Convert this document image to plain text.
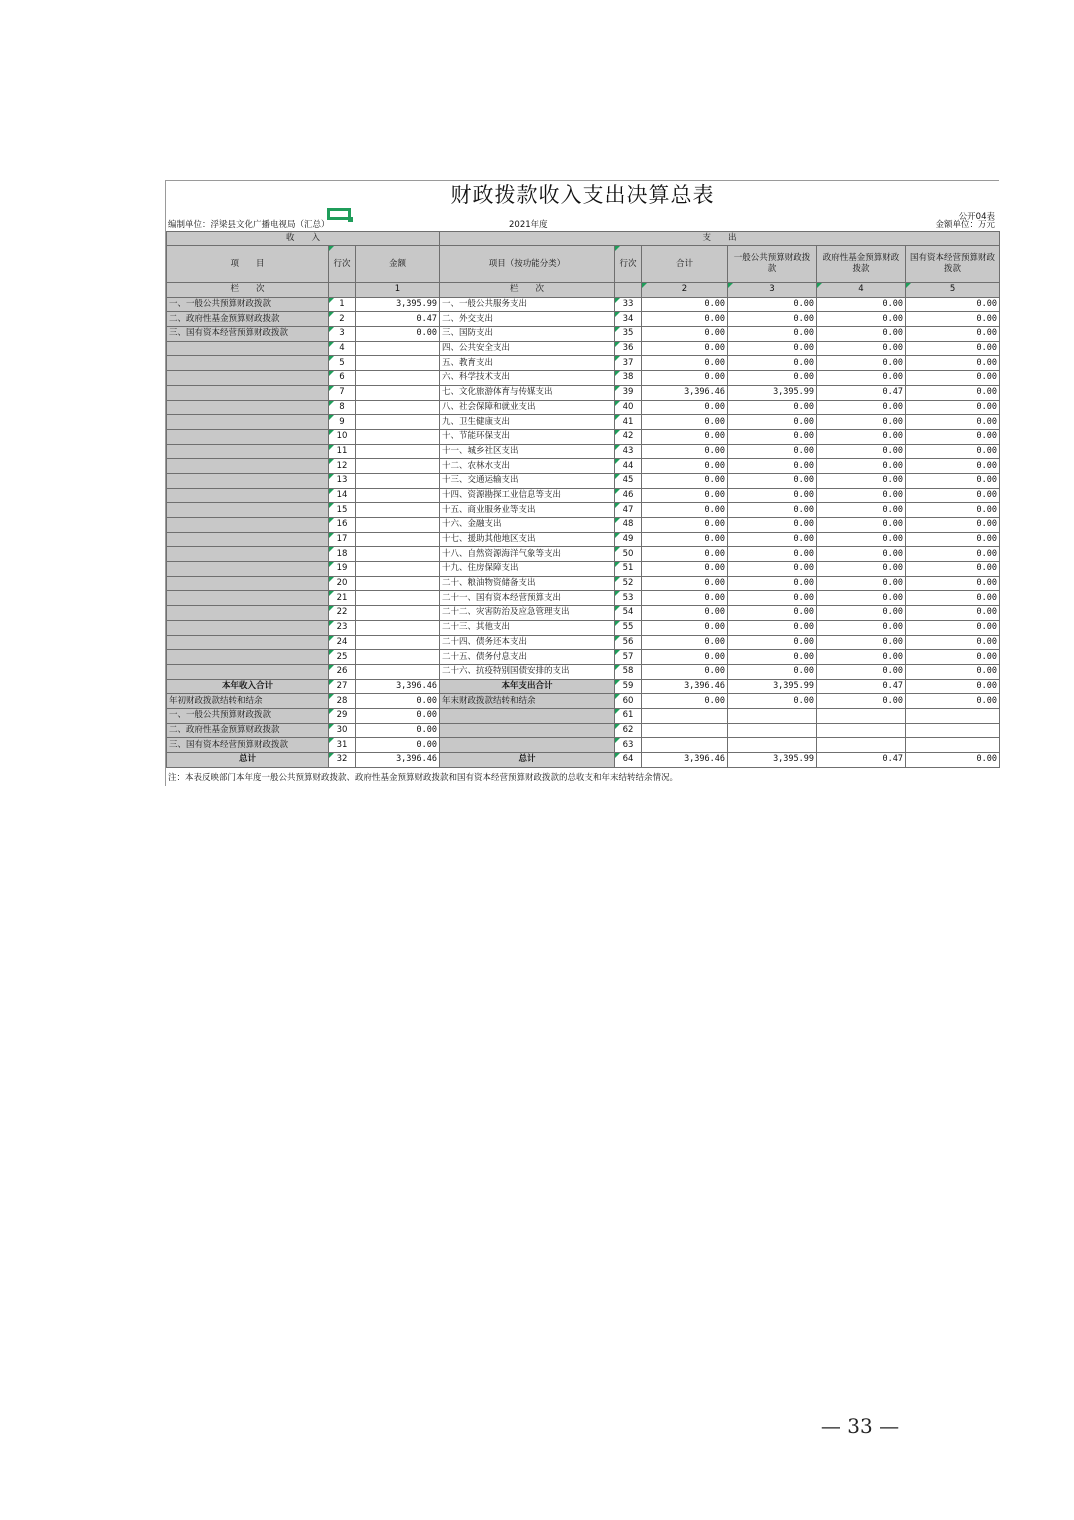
财政拨款收入支出决算总表
编制单位：浮梁县文化广播电视局（汇总）	2021年度
公开04表
金额单位：万元
收　　入			支　　出					
项　　目	行次	金额	项目（按功能分类）	行次	合计	一般公共预算财政拨款	政府性基金预算财政拨款	国有资本经营预算财政拨款
栏　　次		1	栏　　次		2	3	4	5
一、一般公共预算财政拨款	1	3,395.99	一、一般公共服务支出	33	0.00	0.00	0.00	0.00
二、政府性基金预算财政拨款	2	0.47	二、外交支出	34	0.00	0.00	0.00	0.00
三、国有资本经营预算财政拨款	3	0.00	三、国防支出	35	0.00	0.00	0.00	0.00
	4		四、公共安全支出	36	0.00	0.00	0.00	0.00
	5		五、教育支出	37	0.00	0.00	0.00	0.00
	6		六、科学技术支出	38	0.00	0.00	0.00	0.00
	7		七、文化旅游体育与传媒支出	39	3,396.46	3,395.99	0.47	0.00
	8		八、社会保障和就业支出	40	0.00	0.00	0.00	0.00
	9		九、卫生健康支出	41	0.00	0.00	0.00	0.00
	10		十、节能环保支出	42	0.00	0.00	0.00	0.00
	11		十一、城乡社区支出	43	0.00	0.00	0.00	0.00
	12		十二、农林水支出	44	0.00	0.00	0.00	0.00
	13		十三、交通运输支出	45	0.00	0.00	0.00	0.00
	14		十四、资源勘探工业信息等支出	46	0.00	0.00	0.00	0.00
	15		十五、商业服务业等支出	47	0.00	0.00	0.00	0.00
	16		十六、金融支出	48	0.00	0.00	0.00	0.00
	17		十七、援助其他地区支出	49	0.00	0.00	0.00	0.00
	18		十八、自然资源海洋气象等支出	50	0.00	0.00	0.00	0.00
	19		十九、住房保障支出	51	0.00	0.00	0.00	0.00
	20		二十、粮油物资储备支出	52	0.00	0.00	0.00	0.00
	21		二十一、国有资本经营预算支出	53	0.00	0.00	0.00	0.00
	22		二十二、灾害防治及应急管理支出	54	0.00	0.00	0.00	0.00
	23		二十三、其他支出	55	0.00	0.00	0.00	0.00
	24		二十四、债务还本支出	56	0.00	0.00	0.00	0.00
	25		二十五、债务付息支出	57	0.00	0.00	0.00	0.00
	26		二十六、抗疫特别国债安排的支出	58	0.00	0.00	0.00	0.00
本年收入合计	27	3,396.46	本年支出合计	59	3,396.46	3,395.99	0.47	0.00
年初财政拨款结转和结余	28	0.00	年末财政拨款结转和结余	60	0.00	0.00	0.00	0.00
一、一般公共预算财政拨款	29	0.00		61				
二、政府性基金预算财政拨款	30	0.00		62				
三、国有资本经营预算财政拨款	31	0.00		63				
总计	32	3,396.46	总计	64	3,396.46	3,395.99	0.47	0.00
注：本表反映部门本年度一般公共预算财政拨款、政府性基金预算财政拨款和国有资本经营预算财政拨款的总收支和年末结转结余情况。
— 33 —
